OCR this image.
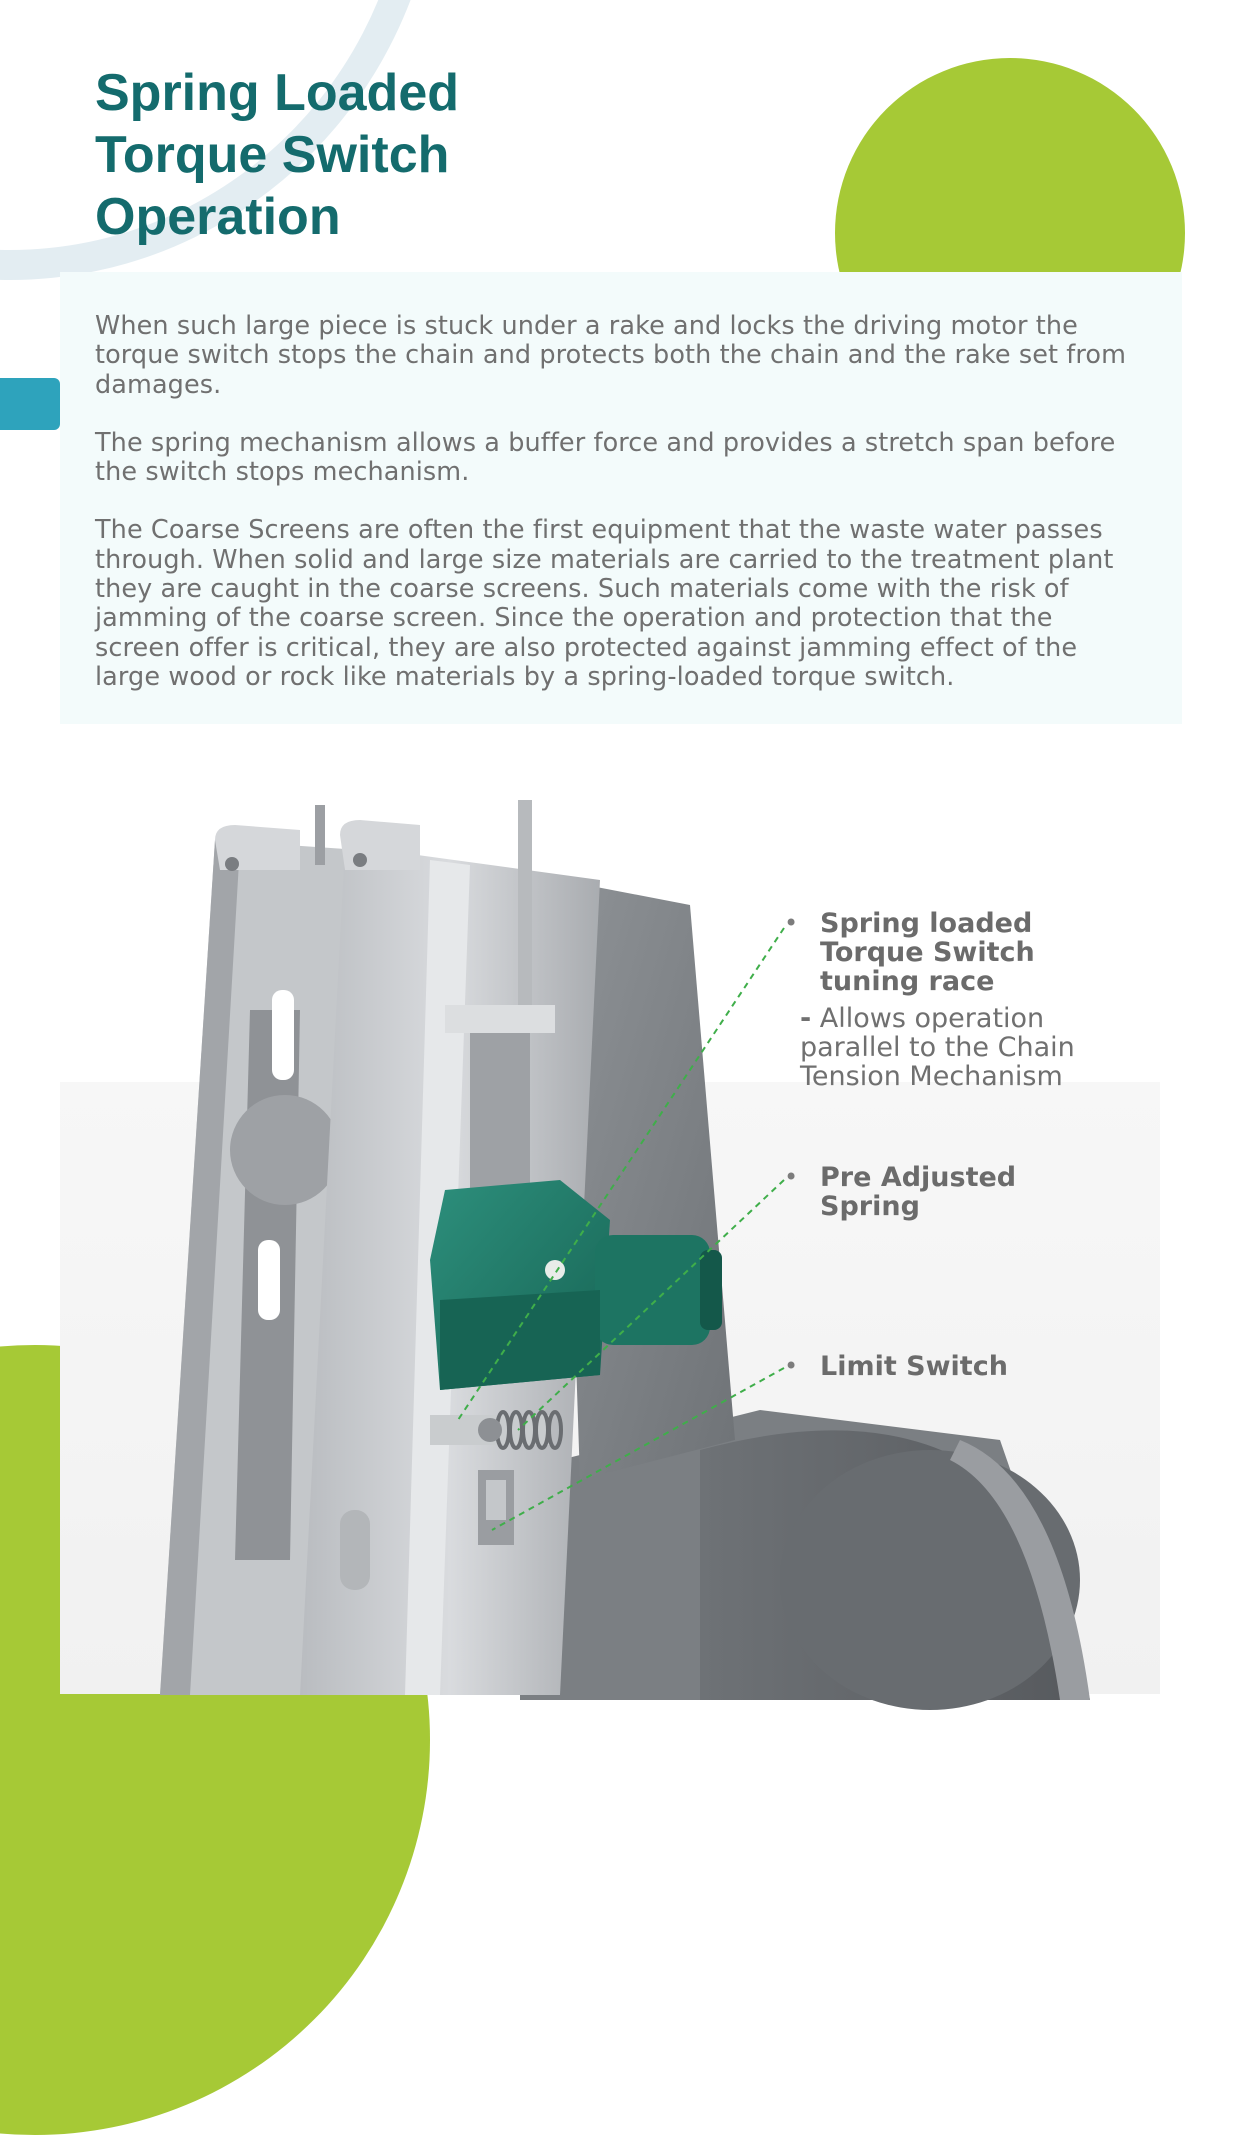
Spring Loaded
Torque Switch
Operation

When such large piece is stuck under a rake and locks the driving motor the torque switch stops the chain and protects both the chain and the rake set from damages.

The spring mechanism allows a buffer force and provides a stretch span before the switch stops mechanism.

The Coarse Screens are often the first equipment that the waste water passes through. When solid and large size materials are carried to the treatment plant they are caught in the coarse screens. Such materials come with the risk of jamming of the coarse screen. Since the operation and protection that the screen offer is critical, they are also protected against jamming effect of the large wood or rock like materials by a spring-loaded torque switch.

• Spring loaded
Torque Switch
tuning race

- Allows operation
parallel to the Chain
Tension Mechanism

• Pre Adjusted
Spring

• Limit Switch
